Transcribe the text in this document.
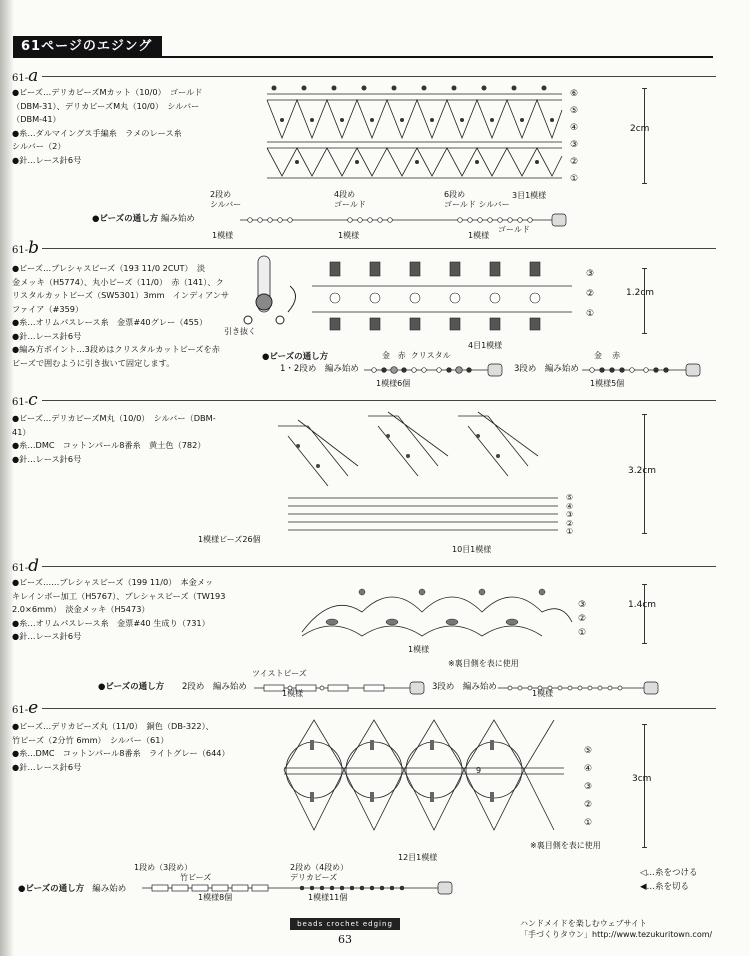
61ページのエジング
61-a
●ビーズ…デリカビーズMカット（10/0）　ゴールド
（DBM-31）、デリカビーズM丸（10/0）　シルバー
（DBM-41）
●糸…ダルマイングス手編糸　ラメのレース糸
シルバー（2）
●針…レース針6号
⑥
⑤
④
③
②
①
2cm
●ビーズの通し方 編み始め
2段め
シルバー
4段め
ゴールド
6段め
ゴールド シルバー
3目1模様
ゴールド
1模様	1模様	1模様
61-b
●ビーズ…プレシャスビーズ（193 11/0 2CUT）　淡
金メッキ（H5774）、丸小ビーズ（11/0）　赤（141）、ク
リスタルカットビーズ（SW5301）3mm　インディアンサ
ファイア（#359）
●糸…オリムパスレース糸　金票#40グレー（455）
●針…レース針6号
●編み方ポイント…3段めはクリスタルカットビーズを赤
ビーズで囲むように引き抜いて固定します。
引き抜く
③
②
①
1.2cm
4目1模様
●ビーズの通し方	金 赤 クリスタル
1・2段め　編み始め
1模様6個
金 赤
3段め　編み始め
1模様5個
61-c
●ビーズ…デリカビーズM丸（10/0）　シルバー（DBM-
41）
●糸…DMC　コットンパール8番糸　黄土色（782）
●針…レース針6号
⑤
④
③
②
①
3.2cm
1模様ビーズ26個
10目1模様
61-d
●ビーズ……プレシャスビーズ（199 11/0）　本金メッ
キレインボー加工（H5767）、プレシャスビーズ（TW193
2.0×6mm）　淡金メッキ（H5473）
●糸…オリムパスレース糸　金票#40 生成り（731）
●針…レース針6号
③
②
①
1.4cm
1模様
※裏目側を表に使用
●ビーズの通し方 2段め　編み始め
ツイストビーズ
1模様
3段め　編み始め
1模様
61-e
●ビーズ…デリカビーズ丸（11/0）　銅色（DB-322）、
竹ビーズ（2分竹 6mm）　シルバー（61）
●糸…DMC　コットンパール8番糸　ライトグレー（644）
●針…レース針6号	9
⑤
④
③
②
①
3cm
12目1模様
※裏目側を表に使用
1段め（3段め）
竹ビーズ
●ビーズの通し方 編み始め
1模様8個
2段め（4段め）
デリカビーズ
1模様11個
◁…糸をつける
◀…糸を切る
beads crochet edging
63
ハンドメイドを楽しむウェブサイト
「手づくりタウン」http://www.tezukuritown.com/
